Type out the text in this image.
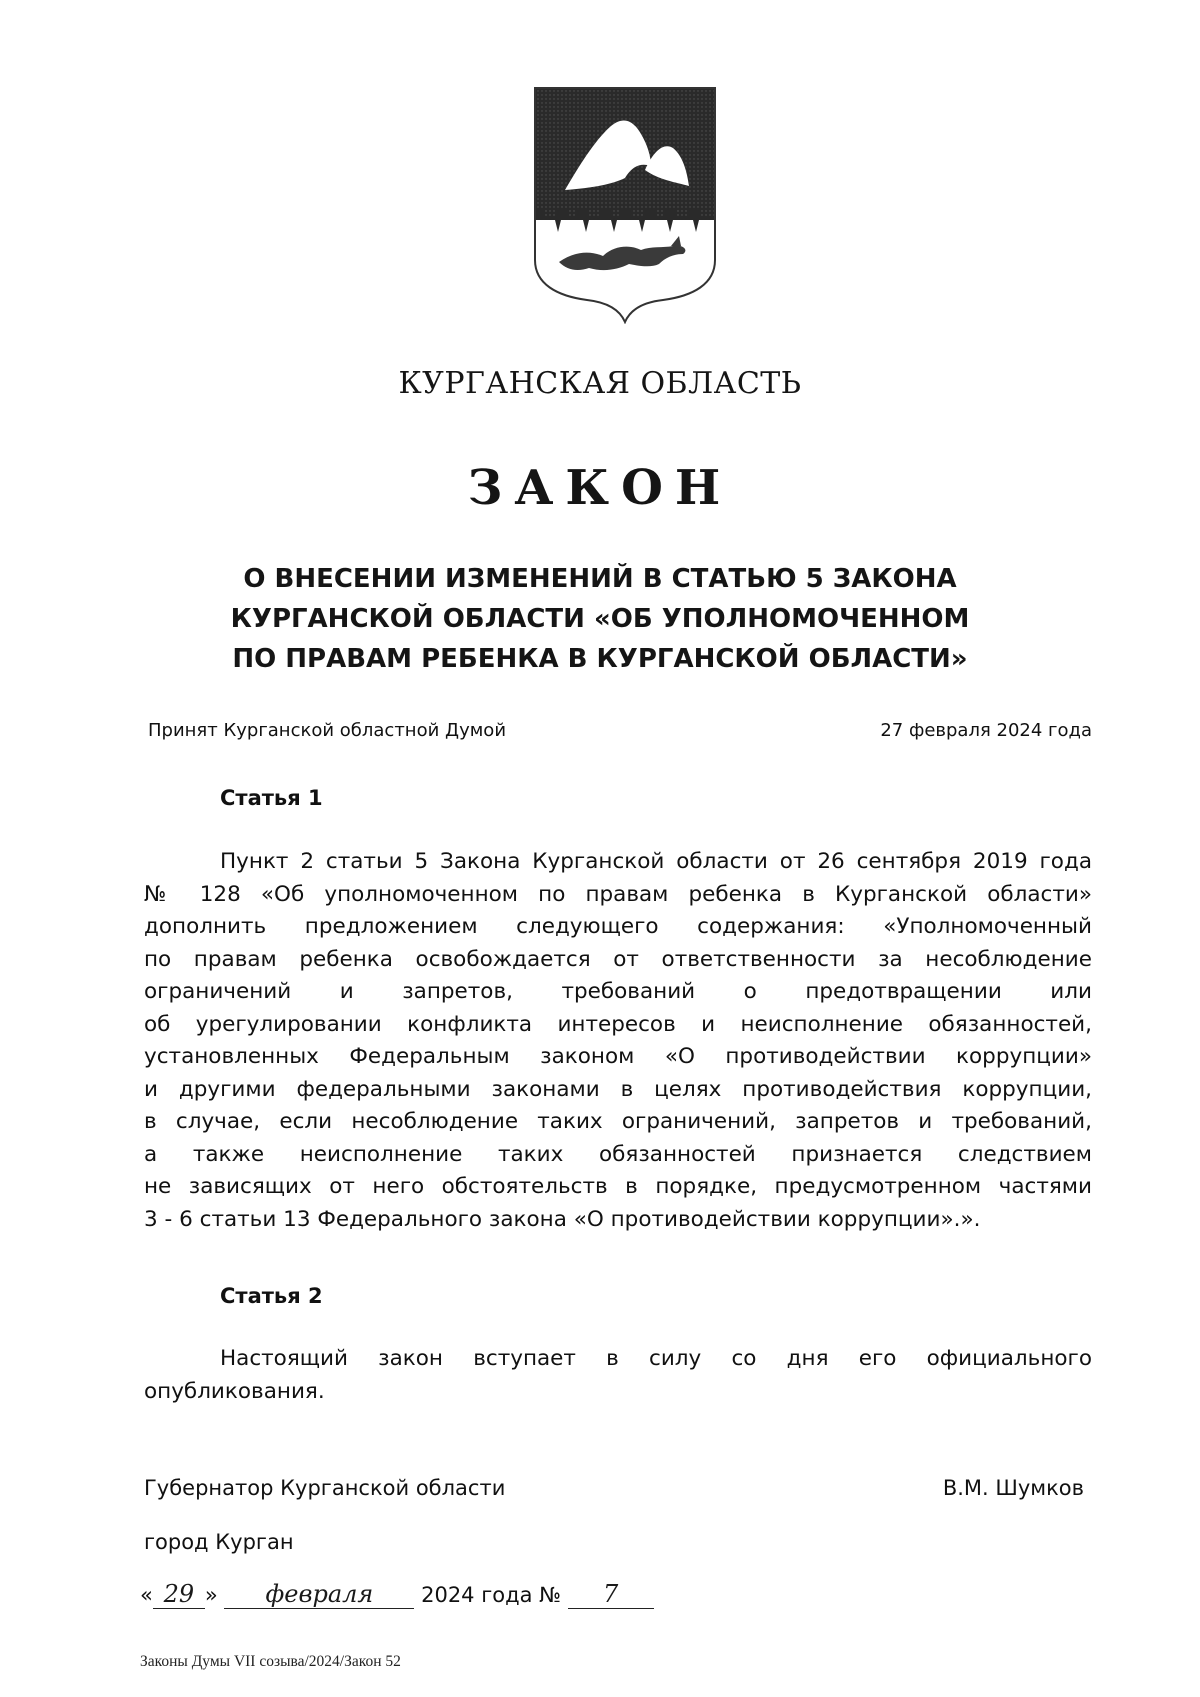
КУРГАНСКАЯ ОБЛАСТЬ
ЗАКОН
О ВНЕСЕНИИ ИЗМЕНЕНИЙ В СТАТЬЮ 5 ЗАКОНА
КУРГАНСКОЙ ОБЛАСТИ «ОБ УПОЛНОМОЧЕННОМ
ПО ПРАВАМ РЕБЕНКА В КУРГАНСКОЙ ОБЛАСТИ»
Принят Курганской областной Думой	27 февраля 2024 года
Статья 1
Пункт 2 статьи 5 Закона Курганской области от 26 сентября 2019 года
№ 128 «Об уполномоченном по правам ребенка в Курганской области»
дополнить предложением следующего содержания: «Уполномоченный
по правам ребенка освобождается от ответственности за несоблюдение
ограничений и запретов, требований о предотвращении или
об урегулировании конфликта интересов и неисполнение обязанностей,
установленных Федеральным законом «О противодействии коррупции»
и другими федеральными законами в целях противодействия коррупции,
в случае, если несоблюдение таких ограничений, запретов и требований,
а также неисполнение таких обязанностей признается следствием
не зависящих от него обстоятельств в порядке, предусмотренном частями
3 - 6 статьи 13 Федерального закона «О противодействии коррупции».».
Статья 2
Настоящий закон вступает в силу со дня его официального
опубликования.
Губернатор Курганской области	В.М. Шумков
город Курган
« 29 » февраля 2024 года № 7
Законы Думы VII созыва/2024/Закон 52
